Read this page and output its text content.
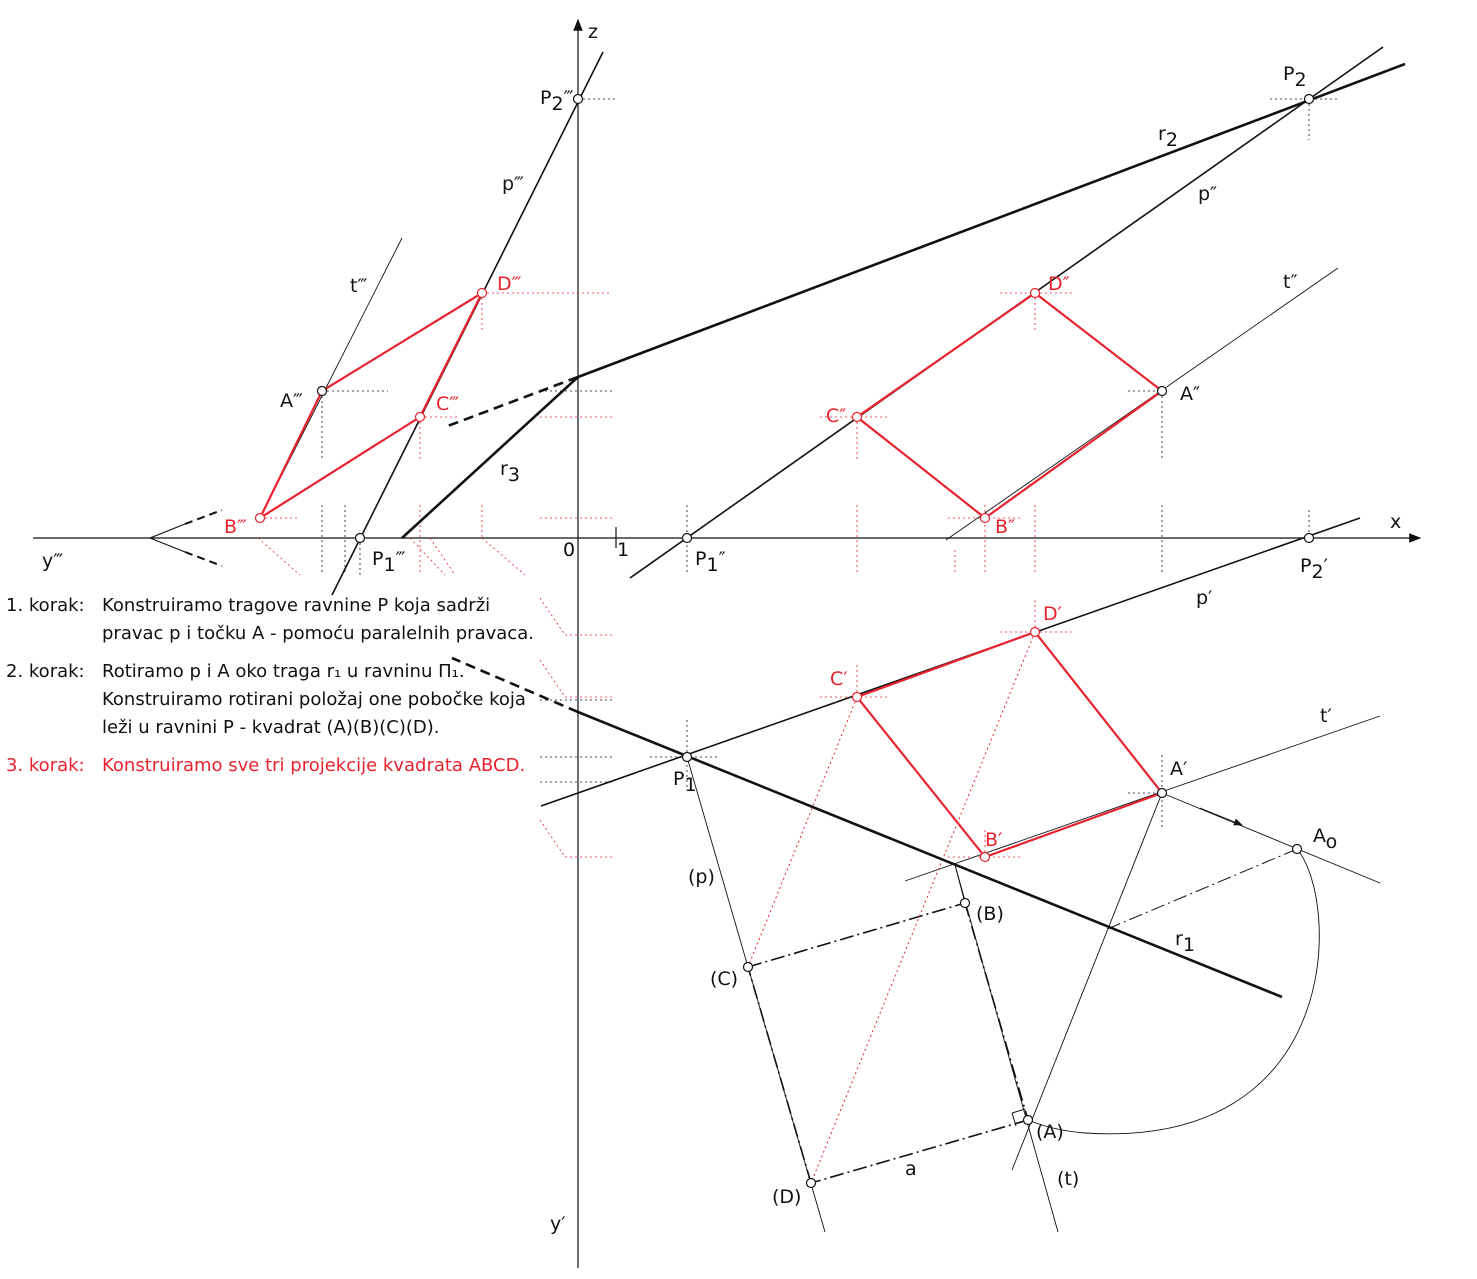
z
x
y‴
y′
0 1
P2‴
P1‴
P2
P1″	P2′
P1
r2
r3
r1
p‴	p″
p′
(p)
t‴	t″
t′
(t)
A‴	A″
A′
Ao
(A)
(B)
(C)
(D)
a
B‴
C‴
D‴
B″
C″
D″
B′
C′
D′
1. korak: Konstruiramo tragove ravnine P koja sadrži pravac p i točku A - pomoću paralelnih pravaca.
2. korak: Rotiramo p i A oko traga r₁ u ravninu Π₁. Konstruiramo rotirani položaj one pobočke koja leži u ravnini P - kvadrat (A)(B)(C)(D).
3. korak: Konstruiramo sve tri projekcije kvadrata ABCD.
